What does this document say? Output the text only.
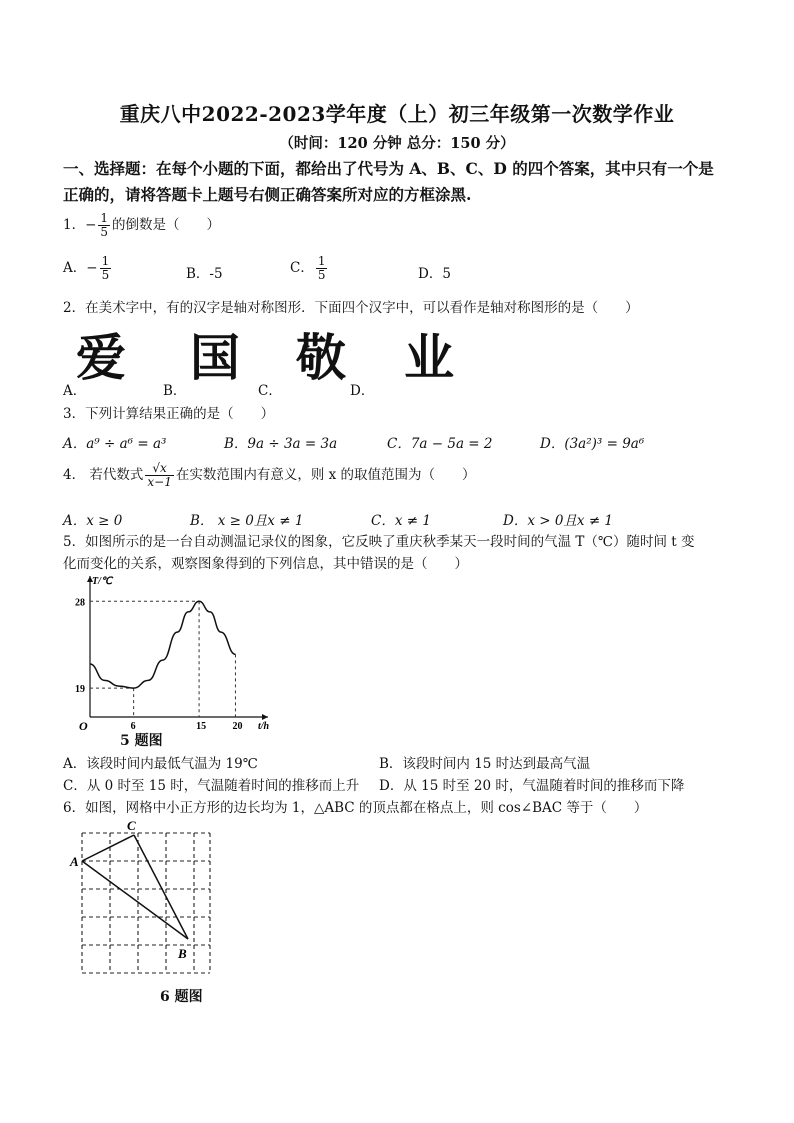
重庆八中2022-2023学年度（上）初三年级第一次数学作业
（时间：120 分钟 总分：150 分）
一、选择题：在每个小题的下面，都给出了代号为 A、B、C、D 的四个答案，其中只有一个是
正确的，请将答题卡上题号右侧正确答案所对应的方框涂黑.
1．− $\frac{1}{5}$ 的倒数是（　　）
A．− $\frac{1}{5}$	B．-5	C． $\frac{1}{5}$	D．5
2．在美术字中，有的汉字是轴对称图形．下面四个汉字中，可以看作是轴对称图形的是（　　）
爱 国 敬 业
A．	B．	C．	D．
3．下列计算结果正确的是（　　）
A．a⁹ ÷ a⁶ = a³	B．9a ÷ 3a = 3a	C．7a − 5a = 2	D．(3a²)³ = 9a⁶
4． 若代数式 $\frac{√x}{x-1}$ 在实数范围内有意义，则 x 的取值范围为（　　）
A．x ≥ 0	B． x ≥ 0且x ≠ 1	C．x ≠ 1	D．x > 0且x ≠ 1
5．如图所示的是一台自动测温记录仪的图象，它反映了重庆秋季某天一段时间的气温 T（℃）随时间 t 变
化而变化的关系，观察图象得到的下列信息，其中错误的是（　　）
T/℃
t/h
O	6	15	20
19
28
5 题图
A．该段时间内最低气温为 19℃	B．该段时间内 15 时达到最高气温
C．从 0 时至 15 时，气温随着时间的推移而上升 D．从 15 时至 20 时，气温随着时间的推移而下降
6．如图，网格中小正方形的边长均为 1，△ABC 的顶点都在格点上，则 cos∠BAC 等于（　　）
A
C
B
6 题图
